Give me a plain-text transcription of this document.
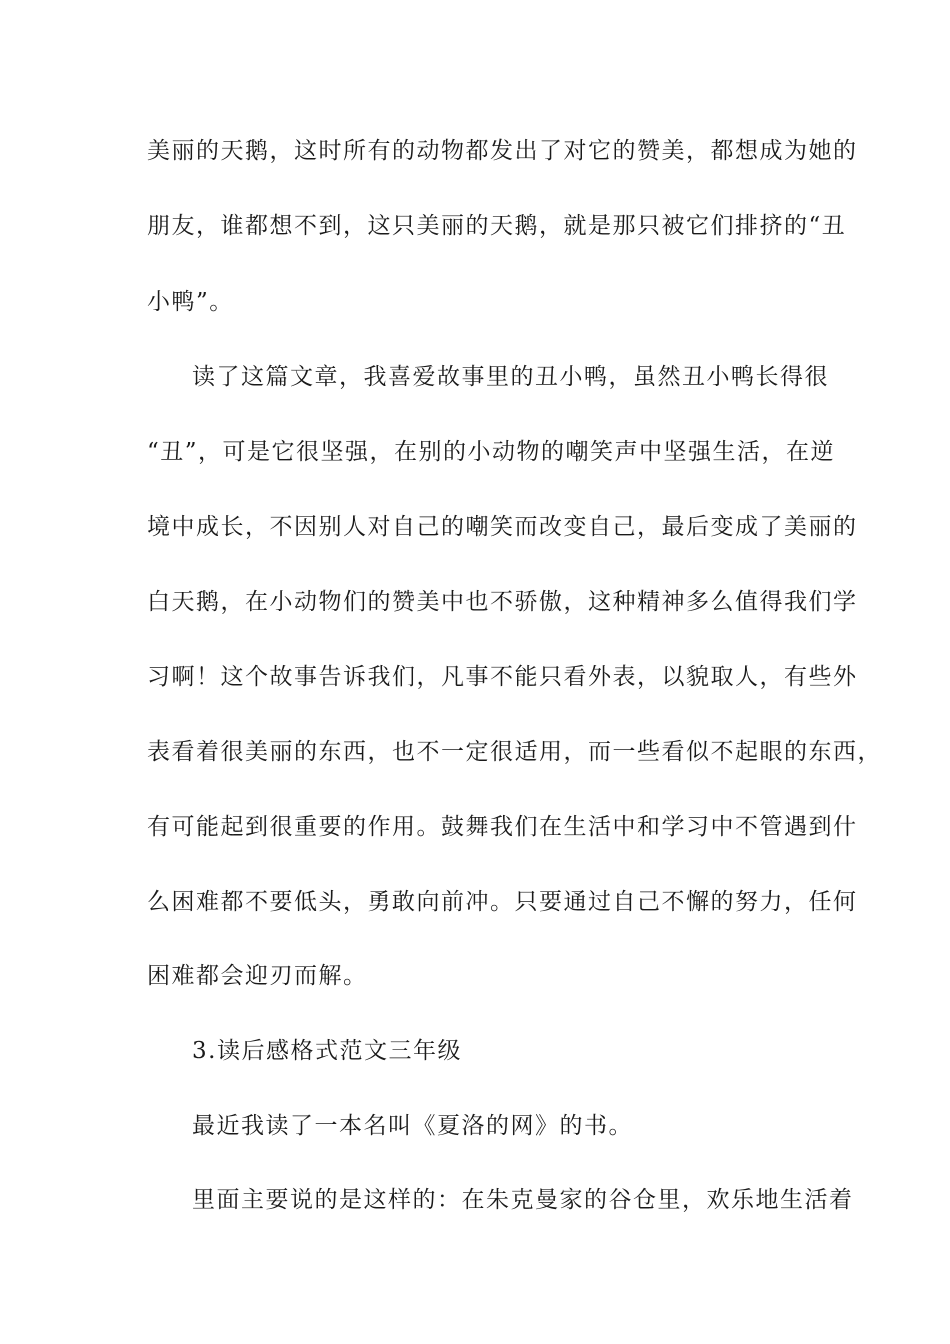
美丽的天鹅，这时所有的动物都发出了对它的赞美，都想成为她的
朋友，谁都想不到，这只美丽的天鹅，就是那只被它们排挤的“丑
小鸭”。
读了这篇文章，我喜爱故事里的丑小鸭，虽然丑小鸭长得很
“丑”，可是它很坚强，在别的小动物的嘲笑声中坚强生活，在逆
境中成长，不因别人对自己的嘲笑而改变自己，最后变成了美丽的
白天鹅，在小动物们的赞美中也不骄傲，这种精神多么值得我们学
习啊！这个故事告诉我们，凡事不能只看外表，以貌取人，有些外
表看着很美丽的东西，也不一定很适用，而一些看似不起眼的东西，
有可能起到很重要的作用。鼓舞我们在生活中和学习中不管遇到什
么困难都不要低头，勇敢向前冲。只要通过自己不懈的努力，任何
困难都会迎刃而解。
3.读后感格式范文三年级
最近我读了一本名叫《夏洛的网》的书。
里面主要说的是这样的：在朱克曼家的谷仓里，欢乐地生活着
